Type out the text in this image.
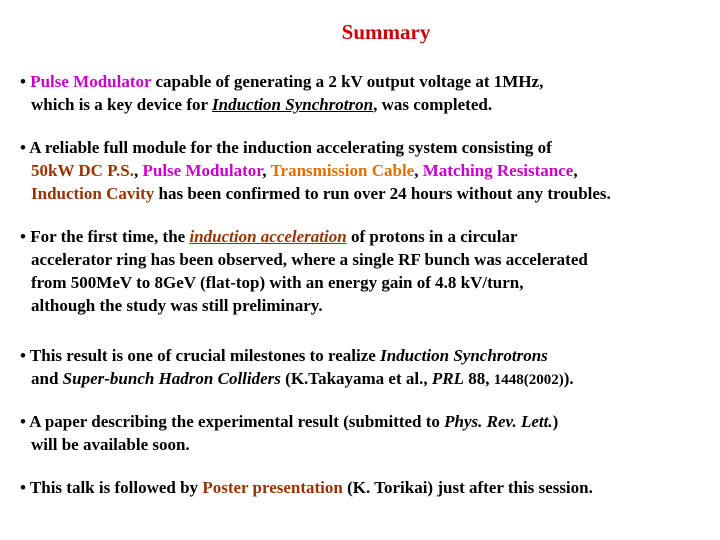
Summary
• Pulse Modulator capable of generating a 2 kV output voltage at 1MHz,
which is a key device for Induction Synchrotron, was completed.
• A reliable full module for the induction accelerating system consisting of
50kW DC P.S., Pulse Modulator, Transmission Cable, Matching Resistance,
Induction Cavity has been confirmed to run over 24 hours without any troubles.
• For the first time, the induction acceleration of protons in a circular
accelerator ring has been observed, where a single RF bunch was accelerated
from 500MeV to 8GeV (flat-top) with an energy gain of 4.8 kV/turn,
although the study was still preliminary.
• This result is one of crucial milestones to realize Induction Synchrotrons
and Super-bunch Hadron Colliders (K.Takayama et al., PRL 88, 1448(2002)).
• A paper describing the experimental result (submitted to Phys. Rev. Lett.)
will be available soon.
• This talk is followed by Poster presentation (K. Torikai) just after this session.
